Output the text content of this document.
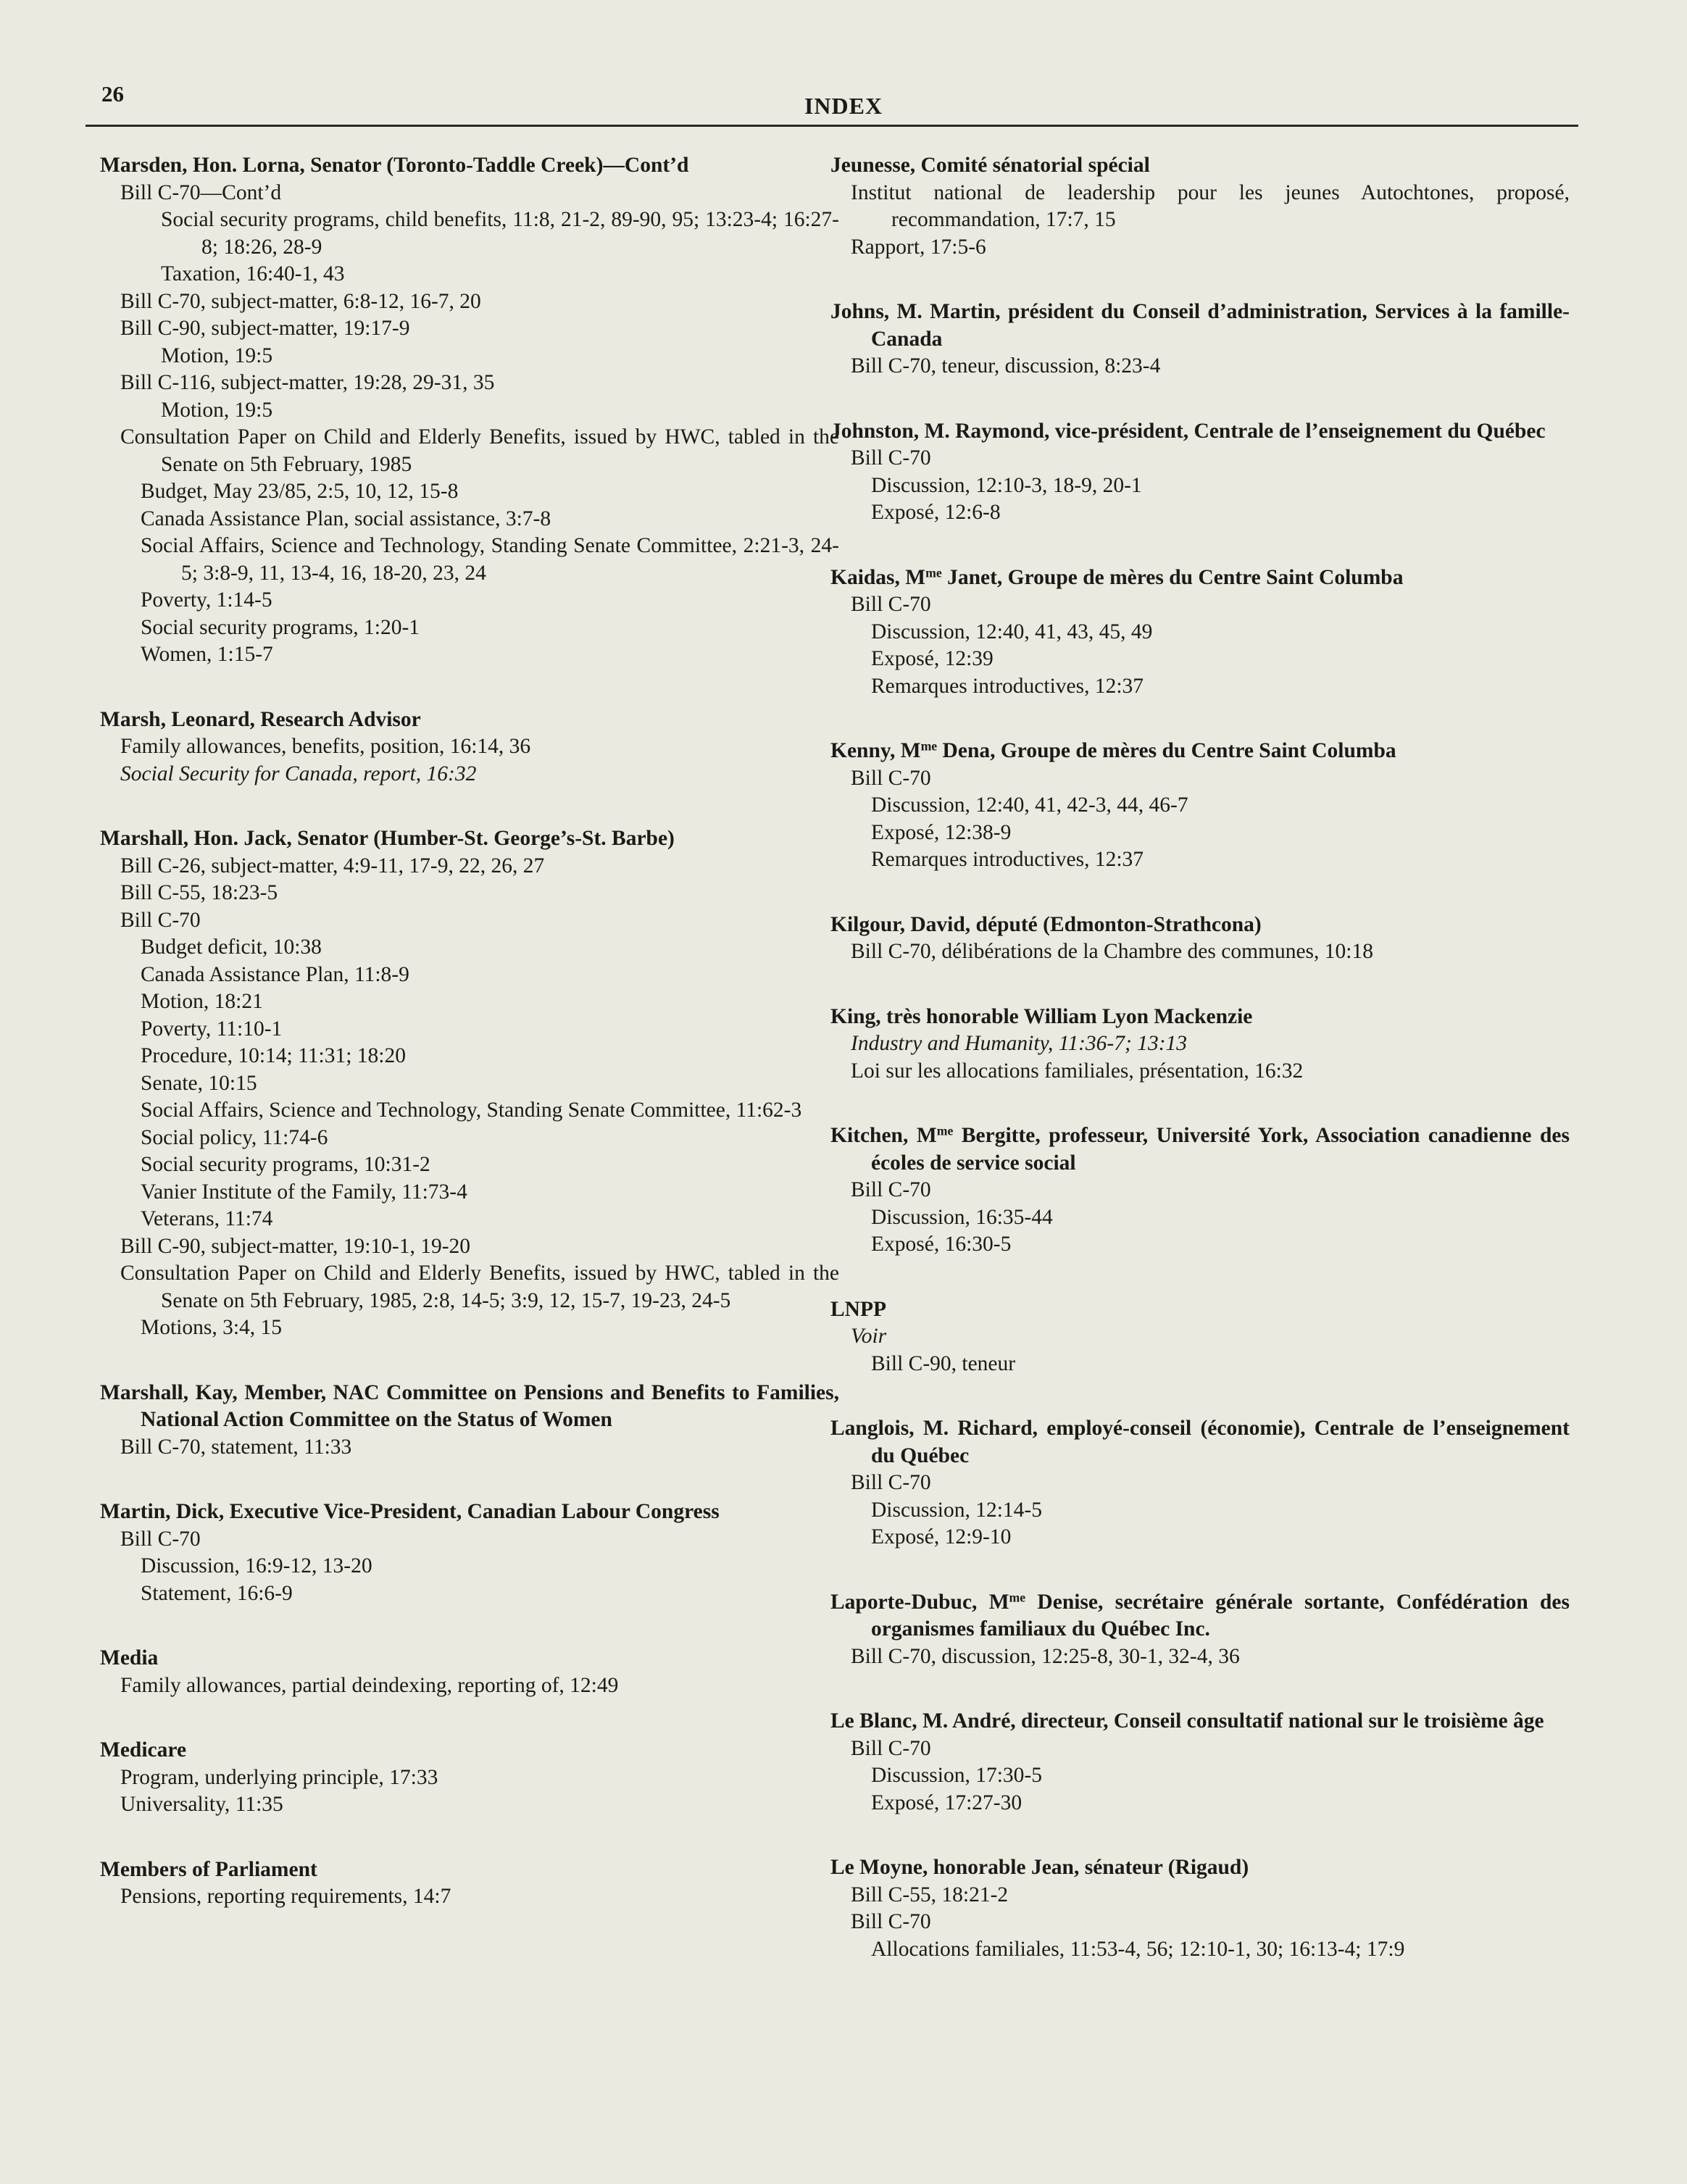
26	INDEX
Marsden, Hon. Lorna, Senator (Toronto-Taddle Creek)—Cont’d
Bill C-70—Cont’d
Social security programs, child benefits, 11:8, 21-2, 89-90, 95; 13:23-4; 16:27-8; 18:26, 28-9
Taxation, 16:40-1, 43
Bill C-70, subject-matter, 6:8-12, 16-7, 20
Bill C-90, subject-matter, 19:17-9
Motion, 19:5
Bill C-116, subject-matter, 19:28, 29-31, 35
Motion, 19:5
Consultation Paper on Child and Elderly Benefits, issued by HWC, tabled in the Senate on 5th February, 1985
Budget, May 23/85, 2:5, 10, 12, 15-8
Canada Assistance Plan, social assistance, 3:7-8
Social Affairs, Science and Technology, Standing Senate Committee, 2:21-3, 24-5; 3:8-9, 11, 13-4, 16, 18-20, 23, 24
Poverty, 1:14-5
Social security programs, 1:20-1
Women, 1:15-7
Marsh, Leonard, Research Advisor
Family allowances, benefits, position, 16:14, 36
Social Security for Canada, report, 16:32
Marshall, Hon. Jack, Senator (Humber-St. George’s-St. Barbe)
Bill C-26, subject-matter, 4:9-11, 17-9, 22, 26, 27
Bill C-55, 18:23-5
Bill C-70
Budget deficit, 10:38
Canada Assistance Plan, 11:8-9
Motion, 18:21
Poverty, 11:10-1
Procedure, 10:14; 11:31; 18:20
Senate, 10:15
Social Affairs, Science and Technology, Standing Senate Committee, 11:62-3
Social policy, 11:74-6
Social security programs, 10:31-2
Vanier Institute of the Family, 11:73-4
Veterans, 11:74
Bill C-90, subject-matter, 19:10-1, 19-20
Consultation Paper on Child and Elderly Benefits, issued by HWC, tabled in the Senate on 5th February, 1985, 2:8, 14-5; 3:9, 12, 15-7, 19-23, 24-5
Motions, 3:4, 15
Marshall, Kay, Member, NAC Committee on Pensions and Benefits to Families, National Action Committee on the Status of Women
Bill C-70, statement, 11:33
Martin, Dick, Executive Vice-President, Canadian Labour Congress
Bill C-70
Discussion, 16:9-12, 13-20
Statement, 16:6-9
Media
Family allowances, partial deindexing, reporting of, 12:49
Medicare
Program, underlying principle, 17:33
Universality, 11:35
Members of Parliament
Pensions, reporting requirements, 14:7
Jeunesse, Comité sénatorial spécial
Institut national de leadership pour les jeunes Autochtones, proposé, recommandation, 17:7, 15
Rapport, 17:5-6
Johns, M. Martin, président du Conseil d’administration, Services à la famille-Canada
Bill C-70, teneur, discussion, 8:23-4
Johnston, M. Raymond, vice-président, Centrale de l’enseignement du Québec
Bill C-70
Discussion, 12:10-3, 18-9, 20-1
Exposé, 12:6-8
Kaidas, $M^{me}$ Janet, Groupe de mères du Centre Saint Columba
Bill C-70
Discussion, 12:40, 41, 43, 45, 49
Exposé, 12:39
Remarques introductives, 12:37
Kenny, $M^{me}$ Dena, Groupe de mères du Centre Saint Columba
Bill C-70
Discussion, 12:40, 41, 42-3, 44, 46-7
Exposé, 12:38-9
Remarques introductives, 12:37
Kilgour, David, député (Edmonton-Strathcona)
Bill C-70, délibérations de la Chambre des communes, 10:18
King, très honorable William Lyon Mackenzie
Industry and Humanity, 11:36-7; 13:13
Loi sur les allocations familiales, présentation, 16:32
Kitchen, $M^{me}$ Bergitte, professeur, Université York, Association canadienne des écoles de service social
Bill C-70
Discussion, 16:35-44
Exposé, 16:30-5
LNPP
Voir
Bill C-90, teneur
Langlois, M. Richard, employé-conseil (économie), Centrale de l’enseignement du Québec
Bill C-70
Discussion, 12:14-5
Exposé, 12:9-10
Laporte-Dubuc, $M^{me}$ Denise, secrétaire générale sortante, Confédération des organismes familiaux du Québec Inc.
Bill C-70, discussion, 12:25-8, 30-1, 32-4, 36
Le Blanc, M. André, directeur, Conseil consultatif national sur le troisième âge
Bill C-70
Discussion, 17:30-5
Exposé, 17:27-30
Le Moyne, honorable Jean, sénateur (Rigaud)
Bill C-55, 18:21-2
Bill C-70
Allocations familiales, 11:53-4, 56; 12:10-1, 30; 16:13-4; 17:9
